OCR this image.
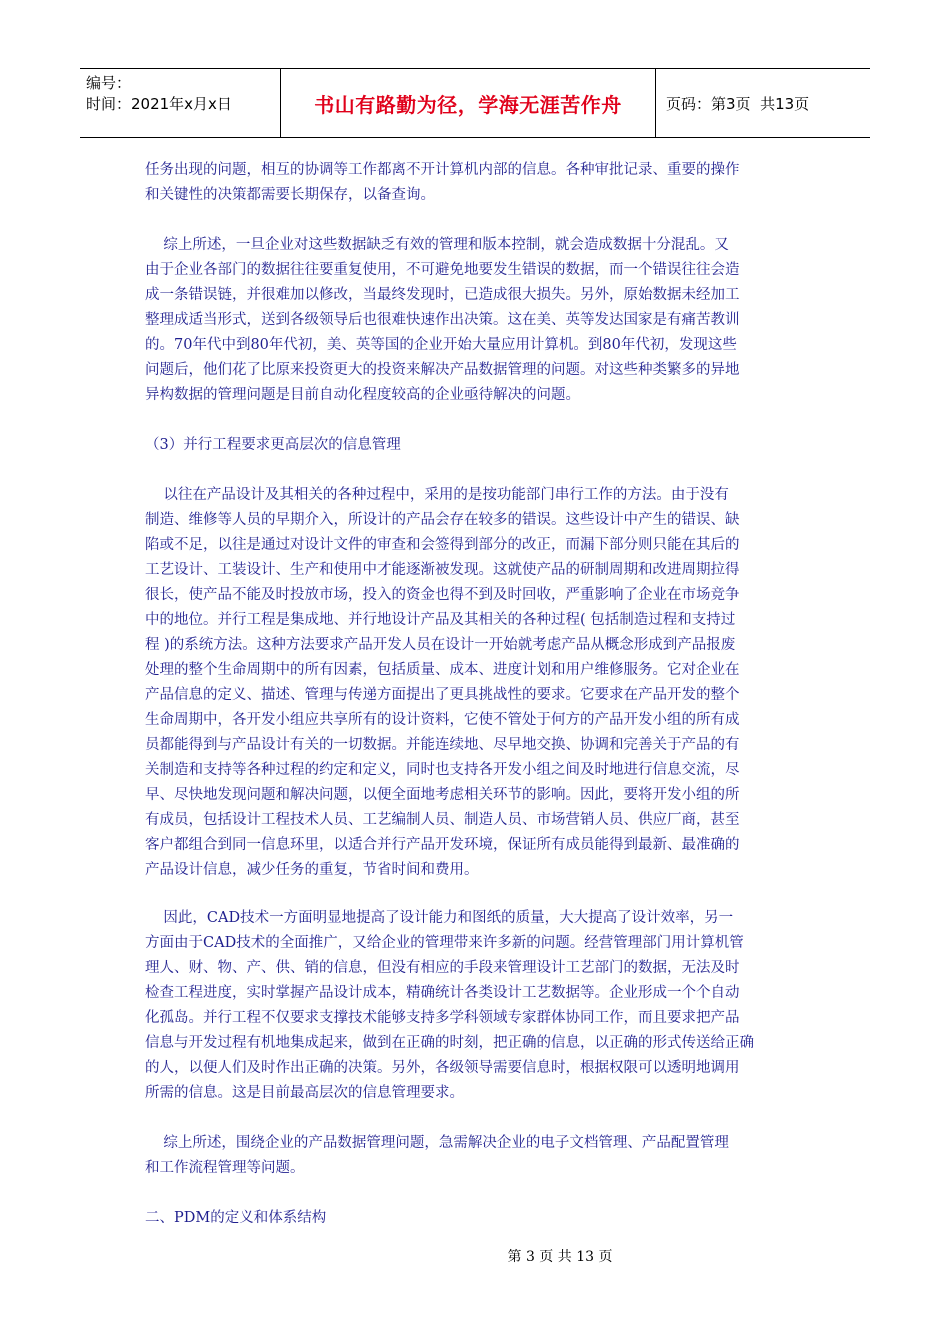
编号：
时间：2021年x月x日	书山有路勤为径，学海无涯苦作舟	页码：第3页  共13页
任务出现的问题，相互的协调等工作都离不开计算机内部的信息。各种审批记录、重要的操作
和关键性的决策都需要长期保存，以备查询。
综上所述，一旦企业对这些数据缺乏有效的管理和版本控制，就会造成数据十分混乱。又
由于企业各部门的数据往往要重复使用，不可避免地要发生错误的数据，而一个错误往往会造
成一条错误链，并很难加以修改，当最终发现时，已造成很大损失。另外，原始数据未经加工
整理成适当形式，送到各级领导后也很难快速作出决策。这在美、英等发达国家是有痛苦教训
的。70年代中到80年代初，美、英等国的企业开始大量应用计算机。到80年代初，发现这些
问题后，他们花了比原来投资更大的投资来解决产品数据管理的问题。对这些种类繁多的异地
异构数据的管理问题是目前自动化程度较高的企业亟待解决的问题。
（3）并行工程要求更高层次的信息管理
以往在产品设计及其相关的各种过程中，采用的是按功能部门串行工作的方法。由于没有
制造、维修等人员的早期介入，所设计的产品会存在较多的错误。这些设计中产生的错误、缺
陷或不足，以往是通过对设计文件的审查和会签得到部分的改正，而漏下部分则只能在其后的
工艺设计、工装设计、生产和使用中才能逐渐被发现。这就使产品的研制周期和改进周期拉得
很长，使产品不能及时投放市场，投入的资金也得不到及时回收，严重影响了企业在市场竞争
中的地位。并行工程是集成地、并行地设计产品及其相关的各种过程( 包括制造过程和支持过
程 )的系统方法。这种方法要求产品开发人员在设计一开始就考虑产品从概念形成到产品报废
处理的整个生命周期中的所有因素，包括质量、成本、进度计划和用户维修服务。它对企业在
产品信息的定义、描述、管理与传递方面提出了更具挑战性的要求。它要求在产品开发的整个
生命周期中，各开发小组应共享所有的设计资料，它使不管处于何方的产品开发小组的所有成
员都能得到与产品设计有关的一切数据。并能连续地、尽早地交换、协调和完善关于产品的有
关制造和支持等各种过程的约定和定义，同时也支持各开发小组之间及时地进行信息交流，尽
早、尽快地发现问题和解决问题，以便全面地考虑相关环节的影响。因此，要将开发小组的所
有成员，包括设计工程技术人员、工艺编制人员、制造人员、市场营销人员、供应厂商，甚至
客户都组合到同一信息环里，以适合并行产品开发环境，保证所有成员能得到最新、最准确的
产品设计信息，减少任务的重复，节省时间和费用。
因此，CAD技术一方面明显地提高了设计能力和图纸的质量，大大提高了设计效率，另一
方面由于CAD技术的全面推广，又给企业的管理带来许多新的问题。经营管理部门用计算机管
理人、财、物、产、供、销的信息，但没有相应的手段来管理设计工艺部门的数据，无法及时
检查工程进度，实时掌握产品设计成本，精确统计各类设计工艺数据等。企业形成一个个自动
化孤岛。并行工程不仅要求支撑技术能够支持多学科领域专家群体协同工作，而且要求把产品
信息与开发过程有机地集成起来，做到在正确的时刻，把正确的信息，以正确的形式传送给正确
的人，以便人们及时作出正确的决策。另外，各级领导需要信息时，根据权限可以透明地调用
所需的信息。这是目前最高层次的信息管理要求。
综上所述，围绕企业的产品数据管理问题，急需解决企业的电子文档管理、产品配置管理
和工作流程管理等问题。
二、PDM的定义和体系结构
第 3 页 共 13 页
